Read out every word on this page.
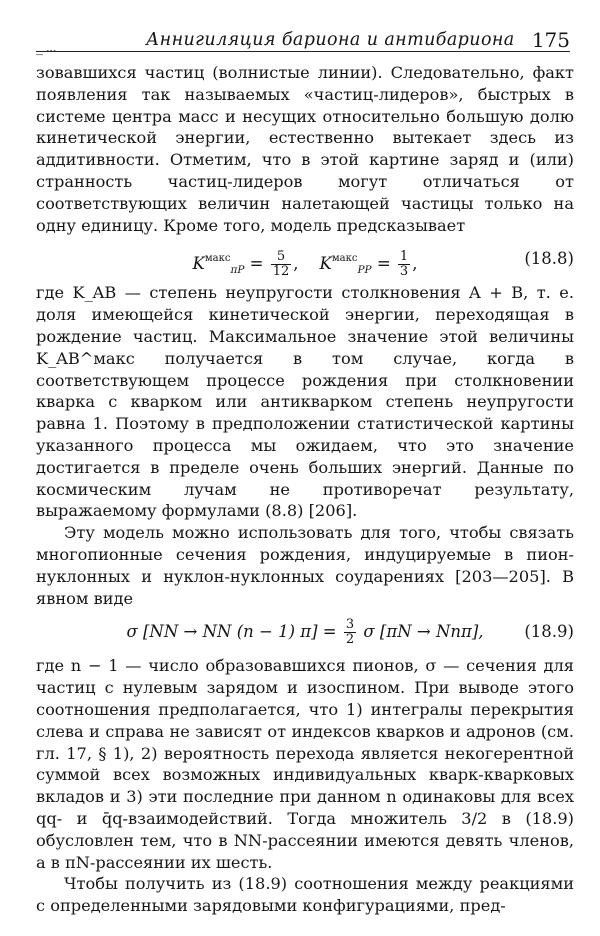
_ ...	Аннигиляция бариона и антибариона 175

зовавшихся частиц (волнистые линии). Следовательно, факт появления так называемых «частиц-лидеров», быстрых в системе центра масс и несущих относительно большую долю кинетической энергии, естественно вытекает здесь из аддитивности. Отметим, что в этой картине заряд и (или) странность частиц-лидеров могут отличаться от соответствующих величин налетающей частицы только на одну единицу. Кроме того, модель предсказывает

$K^{макс}_{\pi P} = \frac{5}{12}$ ,    $K^{макс}_{PP} = \frac{1}{3}$ ,	(18.8)

где K_AB — степень неупругости столкновения A + B, т. е. доля имеющейся кинетической энергии, переходящая в рождение частиц. Максимальное значение этой величины K_AB^макс получается в том случае, когда в соответствующем процессе рождения при столкновении кварка с кварком или антикварком степень неупругости равна 1. Поэтому в предположении статистической картины указанного процесса мы ожидаем, что это значение достигается в пределе очень больших энергий. Данные по космическим лучам не противоречат результату, выражаемому формулами (8.8) [206].

Эту модель можно использовать для того, чтобы связать многопионные сечения рождения, индуцируемые в пион-нуклонных и нуклон-нуклонных соударениях [203—205]. В явном виде

σ [NN → NN (n − 1) $\pi] = \frac{3}{2}$ σ [πN → Nnπ], (18.9)

где n − 1 — число образовавшихся пионов, σ — сечения для частиц с нулевым зарядом и изоспином. При выводе этого соотношения предполагается, что 1) интегралы перекрытия слева и справа не зависят от индексов кварков и адронов (см. гл. 17, § 1), 2) вероятность перехода является некогерентной суммой всех возможных индивидуальных кварк-кварковых вкладов и 3) эти последние при данном n одинаковы для всех qq- и q̄q-взаимодействий. Тогда множитель 3/2 в (18.9) обусловлен тем, что в NN-рассеянии имеются девять членов, а в πN-рассеянии их шесть.

Чтобы получить из (18.9) соотношения между реакциями с определенными зарядовыми конфигурациями, пред-
